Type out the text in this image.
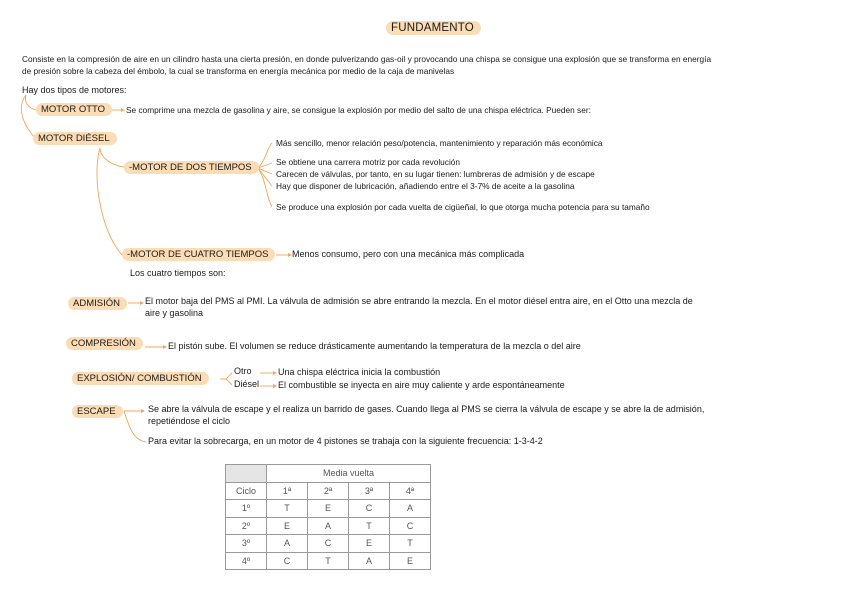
FUNDAMENTO
Consiste en la compresión de aire en un cilindro hasta una cierta presión, en donde pulverizando gas-oil y provocando una chispa se consigue una explosión que se transforma en energía
de presión sobre la cabeza del émbolo, la cual se transforma en energía mecánica por medio de la caja de manivelas
Hay dos tipos de motores:
MOTOR OTTO	Se comprime una mezcla de gasolina y aire, se consigue la explosión por medio del salto de una chispa eléctrica. Pueden ser:
MOTOR DIÉSEL
-MOTOR DE DOS TIEMPOS
Más sencillo, menor relación peso/potencia, mantenimiento y reparación más económica
Se obtiene una carrera motriz por cada revolución
Carecen de válvulas, por tanto, en su lugar tienen: lumbreras de admisión y de escape
Hay que disponer de lubricación, añadiendo entre el 3-7% de aceite a la gasolina
Se produce una explosión por cada vuelta de cigüeñal, lo que otorga mucha potencia para su tamaño
-MOTOR DE CUATRO TIEMPOS	Menos consumo, pero con una mecánica más complicada
Los cuatro tiempos son:
ADMISIÓN	El motor baja del PMS al PMI. La válvula de admisión se abre entrando la mezcla. En el motor diésel entra aire, en el Otto una mezcla de
aire y gasolina
COMPRESIÓN	El pistón sube. El volumen se reduce drásticamente aumentando la temperatura de la mezcla o del aire
EXPLOSIÓN/ COMBUSTIÓN
Otro	Una chispa eléctrica inicia la combustión
Diésel El combustible se inyecta en aire muy caliente y arde espontáneamente
ESCAPE	Se abre la válvula de escape y el realiza un barrido de gases. Cuando llega al PMS se cierra la válvula de escape y se abre la de admisión,
repetiéndose el ciclo
Para evitar la sobrecarga, en un motor de 4 pistones se trabaja con la siguiente frecuencia: 1-3-4-2
	Media vuelta			
Ciclo	1ª	2ª	3ª	4ª
1º	T	E	C	A
2º	E	A	T	C
3º	A	C	E	T
4º	C	T	A	E
